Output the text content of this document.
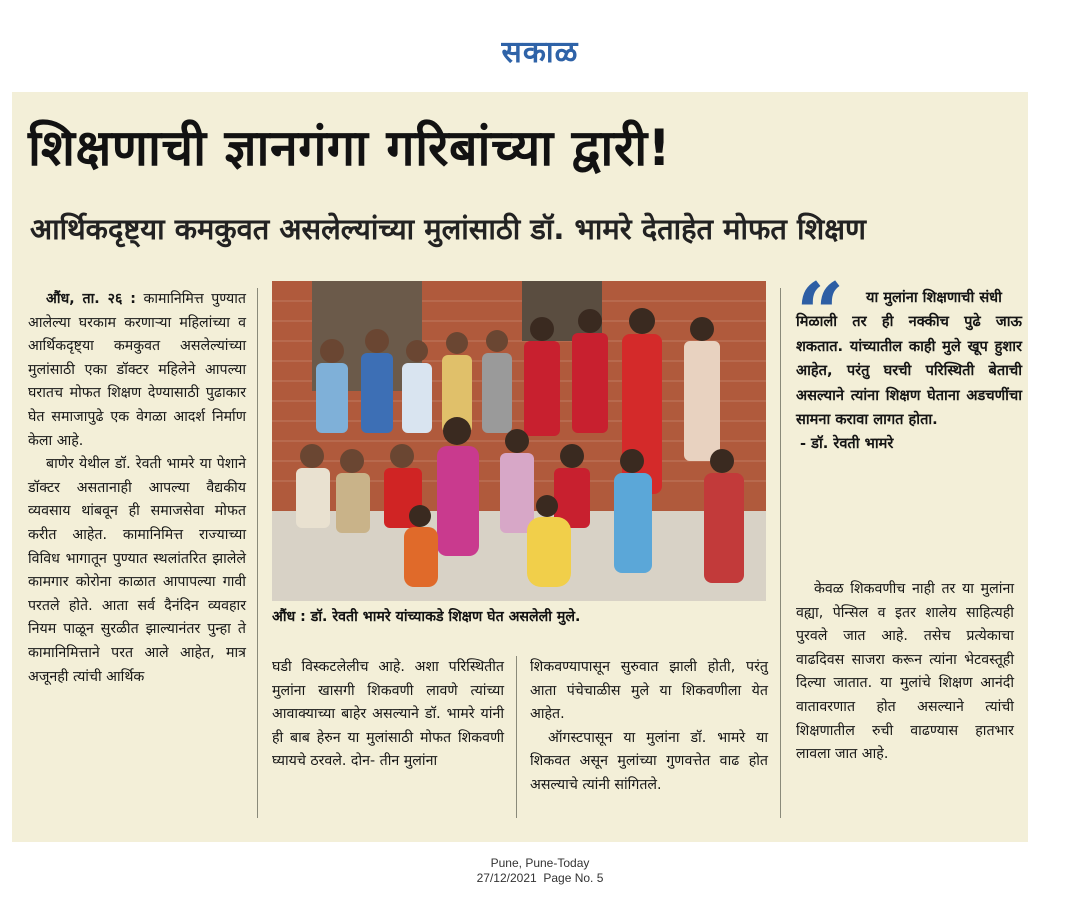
सकाळ
शिक्षणाची ज्ञानगंगा गरिबांच्या द्वारी!
आर्थिकदृष्ट्या कमकुवत असलेल्यांच्या मुलांसाठी डॉ. भामरे देताहेत मोफत शिक्षण

औंध, ता. २६ : कामानिमित्त पुण्यात आलेल्या घरकाम करणाऱ्या महिलांच्या व आर्थिकदृष्ट्या कमकुवत असलेल्यांच्या मुलांसाठी एका डॉक्टर महिलेने आपल्या घरातच मोफत शिक्षण देण्यासाठी पुढाकार घेत समाजापुढे एक वेगळा आदर्श निर्माण केला आहे.

बाणेर येथील डॉ. रेवती भामरे या पेशाने डॉक्टर असतानाही आपल्या वैद्यकीय व्यवसाय थांबवून ही समाजसेवा मोफत करीत आहेत. कामानिमित्त राज्याच्या विविध भागातून पुण्यात स्थलांतरित झालेले कामगार कोरोना काळात आपापल्या गावी परतले होते. आता सर्व दैनंदिन व्यवहार नियम पाळून सुरळीत झाल्यानंतर पुन्हा ते कामानिमित्ताने परत आले आहेत, मात्र अजूनही त्यांची आर्थिक

औंध : डॉ. रेवती भामरे यांच्याकडे शिक्षण घेत असलेली मुले.
“	या मुलांना शिक्षणाची संधी
मिळाली तर ही नक्कीच पुढे जाऊ शकतात. यांच्यातील काही मुले खूप हुशार आहेत, परंतु घरची परिस्थिती बेताची असल्याने त्यांना शिक्षण घेताना अडचणींचा सामना करावा लागत होता.
- डॉ. रेवती भामरे

घडी विस्कटलेलीच आहे. अशा परिस्थितीत मुलांना खासगी शिकवणी लावणे त्यांच्या आवाक्याच्या बाहेर असल्याने डॉ. भामरे यांनी ही बाब हेरुन या मुलांसाठी मोफत शिकवणी घ्यायचे ठरवले. दोन- तीन मुलांना

शिकवण्यापासून सुरुवात झाली होती, परंतु आता पंचेचाळीस मुले या शिकवणीला येत आहेत.

ऑगस्टपासून या मुलांना डॉ. भामरे या शिकवत असून मुलांच्या गुणवत्तेत वाढ होत असल्याचे त्यांनी सांगितले.

केवळ शिकवणीच नाही तर या मुलांना वह्या, पेन्सिल व इतर शालेय साहित्यही पुरवले जात आहे. तसेच प्रत्येकाचा वाढदिवस साजरा करून त्यांना भेटवस्तूही दिल्या जातात. या मुलांचे शिक्षण आनंदी वातावरणात होत असल्याने त्यांची शिक्षणातील रुची वाढण्यास हातभार लावला जात आहे.

Pune, Pune-Today
27/12/2021  Page No. 5
